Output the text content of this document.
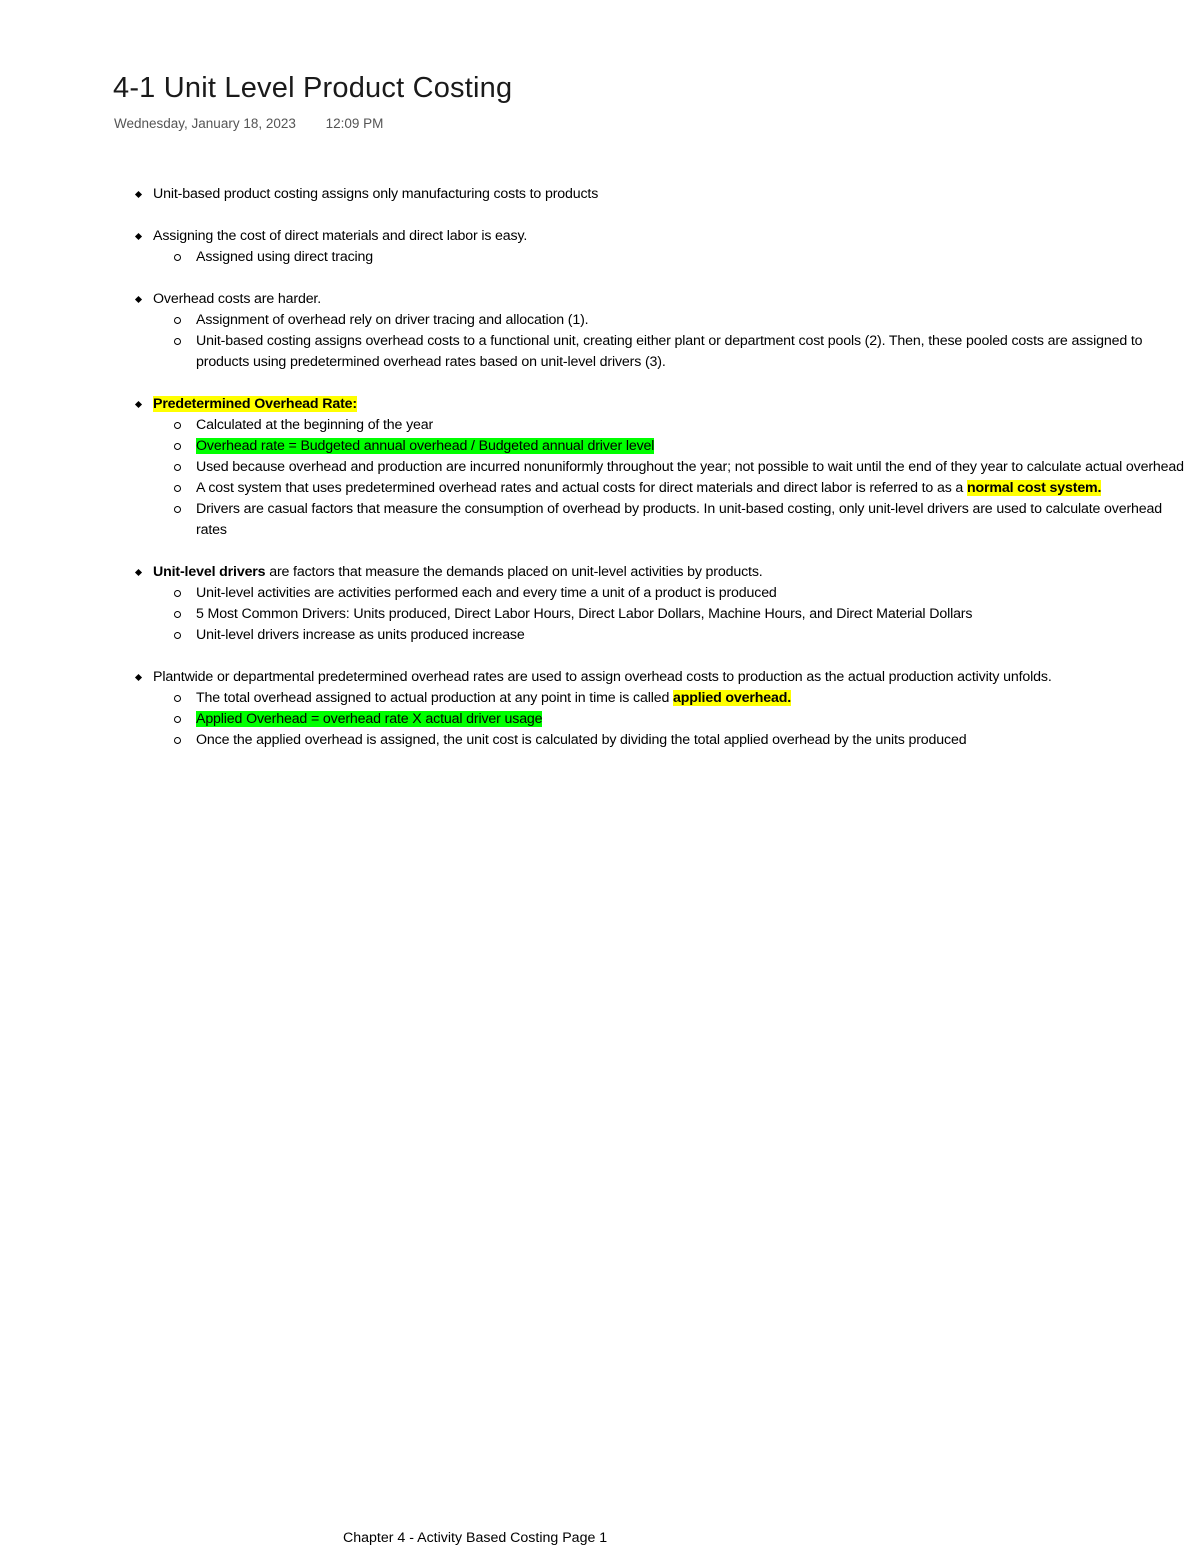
4-1 Unit Level Product Costing
Wednesday, January 18, 2023 12:09 PM
Unit-based product costing assigns only manufacturing costs to products
Assigning the cost of direct materials and direct labor is easy.
Assigned using direct tracing
Overhead costs are harder.
Assignment of overhead rely on driver tracing and allocation (1).
Unit-based costing assigns overhead costs to a functional unit, creating either plant or department cost pools (2). Then, these pooled costs are assigned to products using predetermined overhead rates based on unit-level drivers (3).
Predetermined Overhead Rate:
Calculated at the beginning of the year
Overhead rate = Budgeted annual overhead / Budgeted annual driver level
Used because overhead and production are incurred nonuniformly throughout the year; not possible to wait until the end of they year to calculate actual overhead
A cost system that uses predetermined overhead rates and actual costs for direct materials and direct labor is referred to as a normal cost system.
Drivers are casual factors that measure the consumption of overhead by products. In unit-based costing, only unit-level drivers are used to calculate overhead rates
Unit-level drivers are factors that measure the demands placed on unit-level activities by products.
Unit-level activities are activities performed each and every time a unit of a product is produced
5 Most Common Drivers: Units produced, Direct Labor Hours, Direct Labor Dollars, Machine Hours, and Direct Material Dollars
Unit-level drivers increase as units produced increase
Plantwide or departmental predetermined overhead rates are used to assign overhead costs to production as the actual production activity unfolds.
The total overhead assigned to actual production at any point in time is called applied overhead.
Applied Overhead = overhead rate X actual driver usage
Once the applied overhead is assigned, the unit cost is calculated by dividing the total applied overhead by the units produced
Chapter 4 - Activity Based Costing Page 1
